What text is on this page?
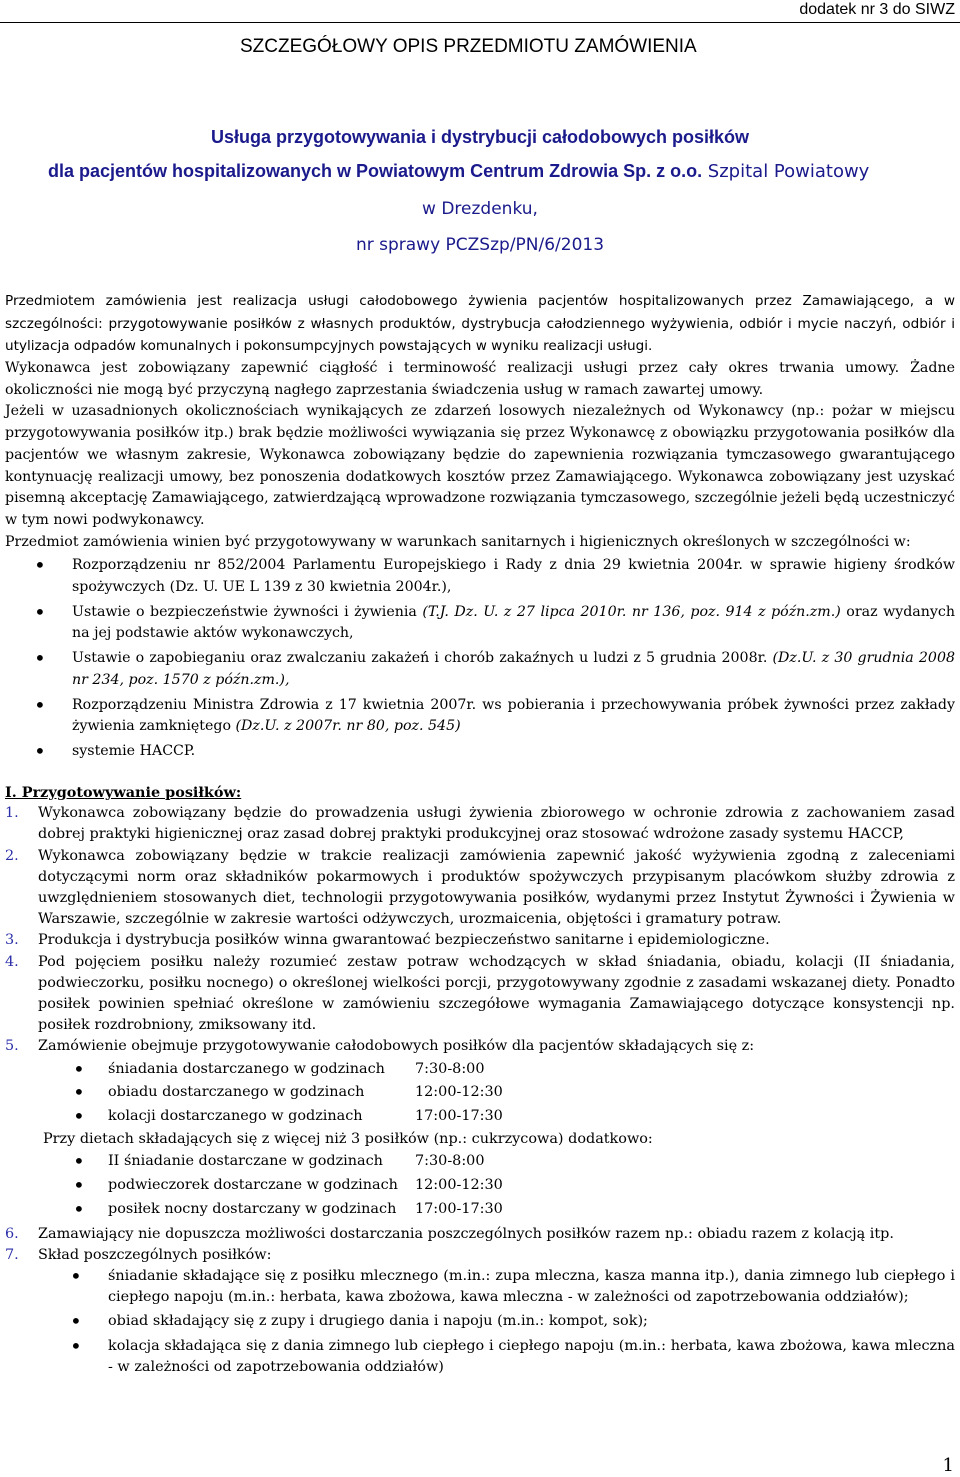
dodatek nr 3 do SIWZ
SZCZEGÓŁOWY OPIS PRZEDMIOTU ZAMÓWIENIA
Usługa przygotowywania i dystrybucji całodobowych posiłków
dla pacjentów hospitalizowanych w Powiatowym Centrum Zdrowia Sp. z o.o. Szpital Powiatowy
w Drezdenku,
nr sprawy PCZSzp/PN/6/2013
Przedmiotem zamówienia jest realizacja usługi całodobowego żywienia pacjentów hospitalizowanych przez Zamawiającego, a w szczególności: przygotowywanie posiłków z własnych produktów, dystrybucja całodziennego wyżywienia, odbiór i mycie naczyń, odbiór i utylizacja odpadów komunalnych i pokonsumpcyjnych powstających w wyniku realizacji usługi.
Wykonawca jest zobowiązany zapewnić ciągłość i terminowość realizacji usługi przez cały okres trwania umowy. Żadne okoliczności nie mogą być przyczyną nagłego zaprzestania świadczenia usług w ramach zawartej umowy.
Jeżeli w uzasadnionych okolicznościach wynikających ze zdarzeń losowych niezależnych od Wykonawcy (np.: pożar w miejscu przygotowywania posiłków itp.) brak będzie możliwości wywiązania się przez Wykonawcę z obowiązku przygotowania posiłków dla pacjentów we własnym zakresie, Wykonawca zobowiązany będzie do zapewnienia rozwiązania tymczasowego gwarantującego kontynuację realizacji umowy, bez ponoszenia dodatkowych kosztów przez Zamawiającego. Wykonawca zobowiązany jest uzyskać pisemną akceptację Zamawiającego, zatwierdzającą wprowadzone rozwiązania tymczasowego, szczególnie jeżeli będą uczestniczyć w tym nowi podwykonawcy.
Przedmiot zamówienia winien być przygotowywany w warunkach sanitarnych i higienicznych określonych w szczególności w:
• Rozporządzeniu nr 852/2004 Parlamentu Europejskiego i Rady z dnia 29 kwietnia 2004r. w sprawie higieny środków spożywczych (Dz. U. UE L 139 z 30 kwietnia 2004r.),
• Ustawie o bezpieczeństwie żywności i żywienia (T.J. Dz. U. z 27 lipca 2010r. nr 136, poz. 914 z późn.zm.) oraz wydanych na jej podstawie aktów wykonawczych,
• Ustawie o zapobieganiu oraz zwalczaniu zakażeń i chorób zakaźnych u ludzi z 5 grudnia 2008r. (Dz.U. z 30 grudnia 2008 nr 234, poz. 1570 z późn.zm.),
• Rozporządzeniu Ministra Zdrowia z 17 kwietnia 2007r. ws pobierania i przechowywania próbek żywności przez zakłady żywienia zamkniętego (Dz.U. z 2007r. nr 80, poz. 545)
• systemie HACCP.
I. Przygotowywanie posiłków:
1.	Wykonawca zobowiązany będzie do prowadzenia usługi żywienia zbiorowego w ochronie zdrowia z zachowaniem zasad dobrej praktyki higienicznej oraz zasad dobrej praktyki produkcyjnej oraz stosować wdrożone zasady systemu HACCP,
2.	Wykonawca zobowiązany będzie w trakcie realizacji zamówienia zapewnić jakość wyżywienia zgodną z zaleceniami dotyczącymi norm oraz składników pokarmowych i produktów spożywczych przypisanym placówkom służby zdrowia z uwzględnieniem stosowanych diet, technologii przygotowywania posiłków, wydanymi przez Instytut Żywności i Żywienia w Warszawie, szczególnie w zakresie wartości odżywczych, urozmaicenia, objętości i gramatury potraw.
3.	Produkcja i dystrybucja posiłków winna gwarantować bezpieczeństwo sanitarne i epidemiologiczne.
4.	Pod pojęciem posiłku należy rozumieć zestaw potraw wchodzących w skład śniadania, obiadu, kolacji (II śniadania, podwieczorku, posiłku nocnego) o określonej wielkości porcji, przygotowywany zgodnie z zasadami wskazanej diety. Ponadto posiłek powinien spełniać określone w zamówieniu szczegółowe wymagania Zamawiającego dotyczące konsystencji np. posiłek rozdrobniony, zmiksowany itd.
5.	Zamówienie obejmuje przygotowywanie całodobowych posiłków dla pacjentów składających się z:
• śniadania dostarczanego w godzinach 7:30-8:00
• obiadu dostarczanego w godzinach	12:00-12:30
• kolacji dostarczanego w godzinach	17:00-17:30
Przy dietach składających się z więcej niż 3 posiłków (np.: cukrzycowa) dodatkowo:
• II śniadanie dostarczane w godzinach 7:30-8:00
• podwieczorek dostarczane w godzinach 12:00-12:30
• posiłek nocny dostarczany w godzinach 17:00-17:30
6.	Zamawiający nie dopuszcza możliwości dostarczania poszczególnych posiłków razem np.: obiadu razem z kolacją itp.
7.	Skład poszczególnych posiłków:
• śniadanie składające się z posiłku mlecznego (m.in.: zupa mleczna, kasza manna itp.), dania zimnego lub ciepłego i ciepłego napoju (m.in.: herbata, kawa zbożowa, kawa mleczna - w zależności od zapotrzebowania oddziałów);
• obiad składający się z zupy i drugiego dania i napoju (m.in.: kompot, sok);
• kolacja składająca się z dania zimnego lub ciepłego i ciepłego napoju (m.in.: herbata, kawa zbożowa, kawa mleczna - w zależności od zapotrzebowania oddziałów)
1
